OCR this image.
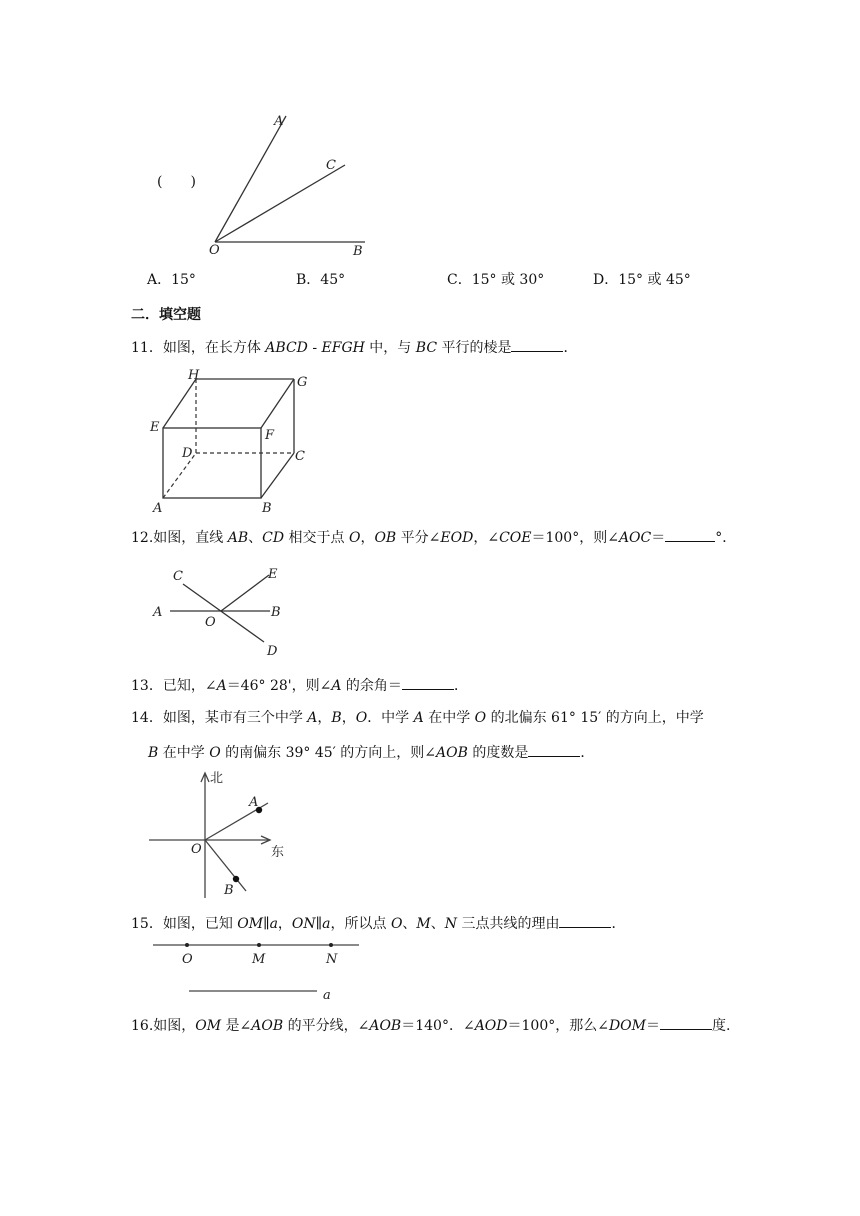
(　　)
A
C
O	B
A．15°	B．45°	C．15° 或 30°	D．15° 或 45°
二．填空题
11．如图，在长方体 ABCD - EFGH 中，与 BC 平行的棱是	．
H	G
E
F
D	C
A	B
12.如图，直线 AB、CD 相交于点 O，OB 平分∠EOD，∠COE＝100°，则∠AOC＝	°．
C	E
A
O
B
D
13．已知，∠A＝46° 28'，则∠A 的余角＝	．
14．如图，某市有三个中学 A，B，O．中学 A 在中学 O 的北偏东 61° 15′ 的方向上，中学
B 在中学 O 的南偏东 39° 45′ 的方向上，则∠AOB 的度数是	．
北
东
A
O
B
15．如图，已知 OM∥a，ON∥a，所以点 O、M、N 三点共线的理由	．
O	M	N
a
16.如图，OM 是∠AOB 的平分线，∠AOB＝140°．∠AOD＝100°，那么∠DOM＝	度.
